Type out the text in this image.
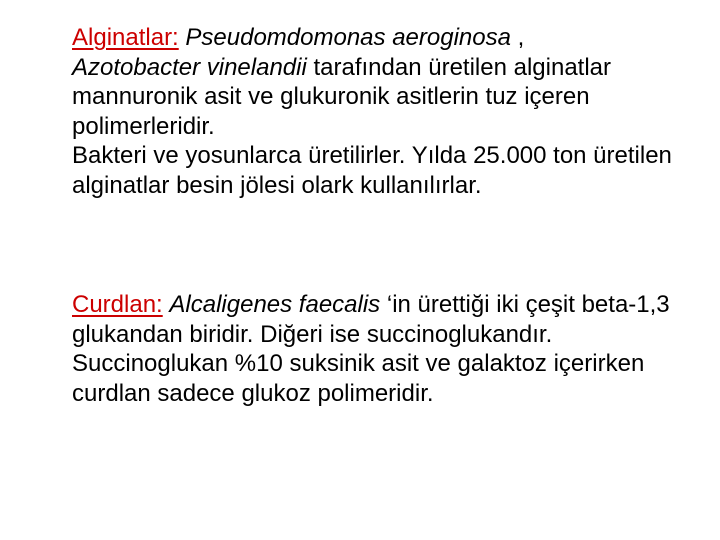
Alginatlar: Pseudomdomonas aeroginosa ,
Azotobacter vinelandii tarafından üretilen alginatlar mannuronik asit ve glukuronik asitlerin tuz içeren polimerleridir.

Bakteri ve yosunlarca üretilirler. Yılda 25.000 ton üretilen alginatlar besin jölesi olark kullanılırlar.

Curdlan: Alcaligenes faecalis ‘in ürettiği iki çeşit beta-1,3 glukandan biridir. Diğeri ise succinoglukandır. Succinoglukan %10 suksinik asit ve galaktoz içerirken curdlan sadece glukoz polimeridir.
